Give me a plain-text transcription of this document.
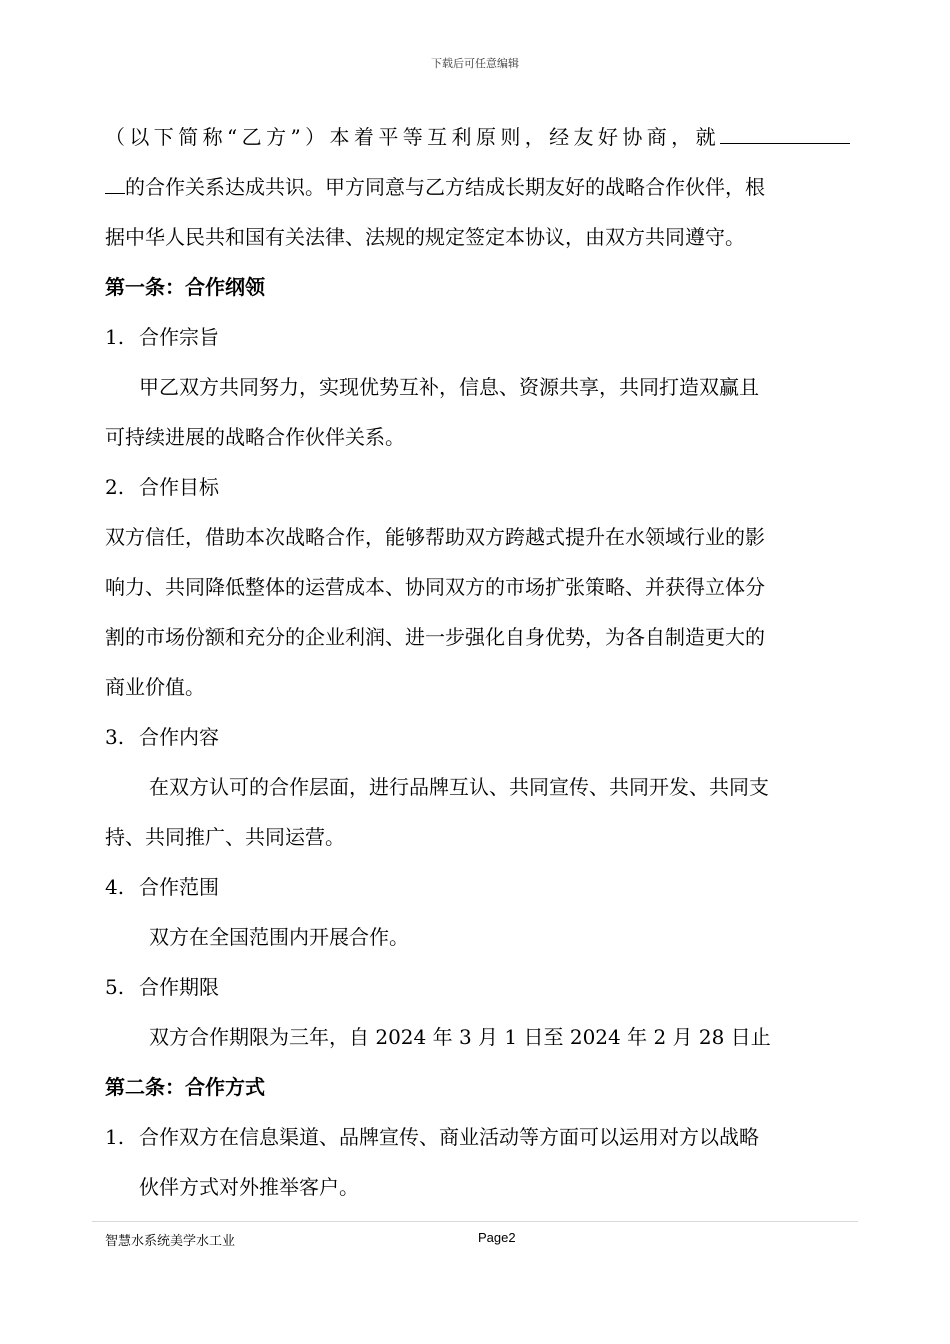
下载后可任意编辑
（以下简称“乙方”）本着平等互利原则，经友好协商，就
的合作关系达成共识。甲方同意与乙方结成长期友好的战略合作伙伴，根
据中华人民共和国有关法律、法规的规定签定本协议，由双方共同遵守。
第一条：合作纲领
1. 合作宗旨
甲乙双方共同努力，实现优势互补，信息、资源共享，共同打造双赢且
可持续进展的战略合作伙伴关系。
2. 合作目标
双方信任，借助本次战略合作，能够帮助双方跨越式提升在水领域行业的影
响力、共同降低整体的运营成本、协同双方的市场扩张策略、并获得立体分
割的市场份额和充分的企业利润、进一步强化自身优势，为各自制造更大的
商业价值。
3. 合作内容
在双方认可的合作层面，进行品牌互认、共同宣传、共同开发、共同支
持、共同推广、共同运营。
4. 合作范围
双方在全国范围内开展合作。
5. 合作期限
双方合作期限为三年，自 2024 年 3 月 1 日至 2024 年 2 月 28 日止
第二条：合作方式
1. 合作双方在信息渠道、品牌宣传、商业活动等方面可以运用对方以战略
伙伴方式对外推举客户。
智慧水系统美学水工业	Page2
